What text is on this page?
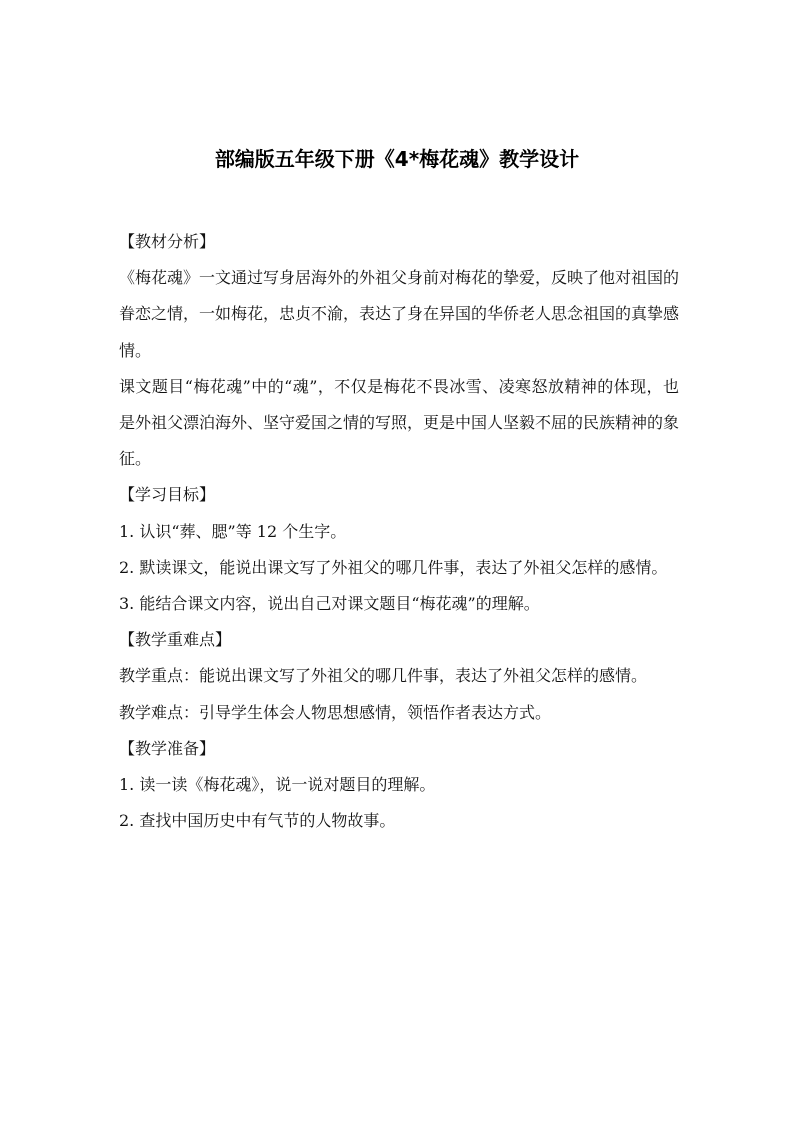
部编版五年级下册《4*梅花魂》教学设计

【教材分析】

《梅花魂》一文通过写身居海外的外祖父身前对梅花的挚爱，反映了他对祖国的眷恋之情，一如梅花，忠贞不渝，表达了身在异国的华侨老人思念祖国的真挚感情。

课文题目“梅花魂”中的“魂”，不仅是梅花不畏冰雪、凌寒怒放精神的体现，也是外祖父漂泊海外、坚守爱国之情的写照，更是中国人坚毅不屈的民族精神的象征。

【学习目标】

1. 认识“葬、腮”等 12 个生字。

2. 默读课文，能说出课文写了外祖父的哪几件事，表达了外祖父怎样的感情。

3. 能结合课文内容，说出自己对课文题目“梅花魂”的理解。

【教学重难点】

教学重点：能说出课文写了外祖父的哪几件事，表达了外祖父怎样的感情。

教学难点：引导学生体会人物思想感情，领悟作者表达方式。

【教学准备】

1. 读一读《梅花魂》，说一说对题目的理解。

2. 查找中国历史中有气节的人物故事。
